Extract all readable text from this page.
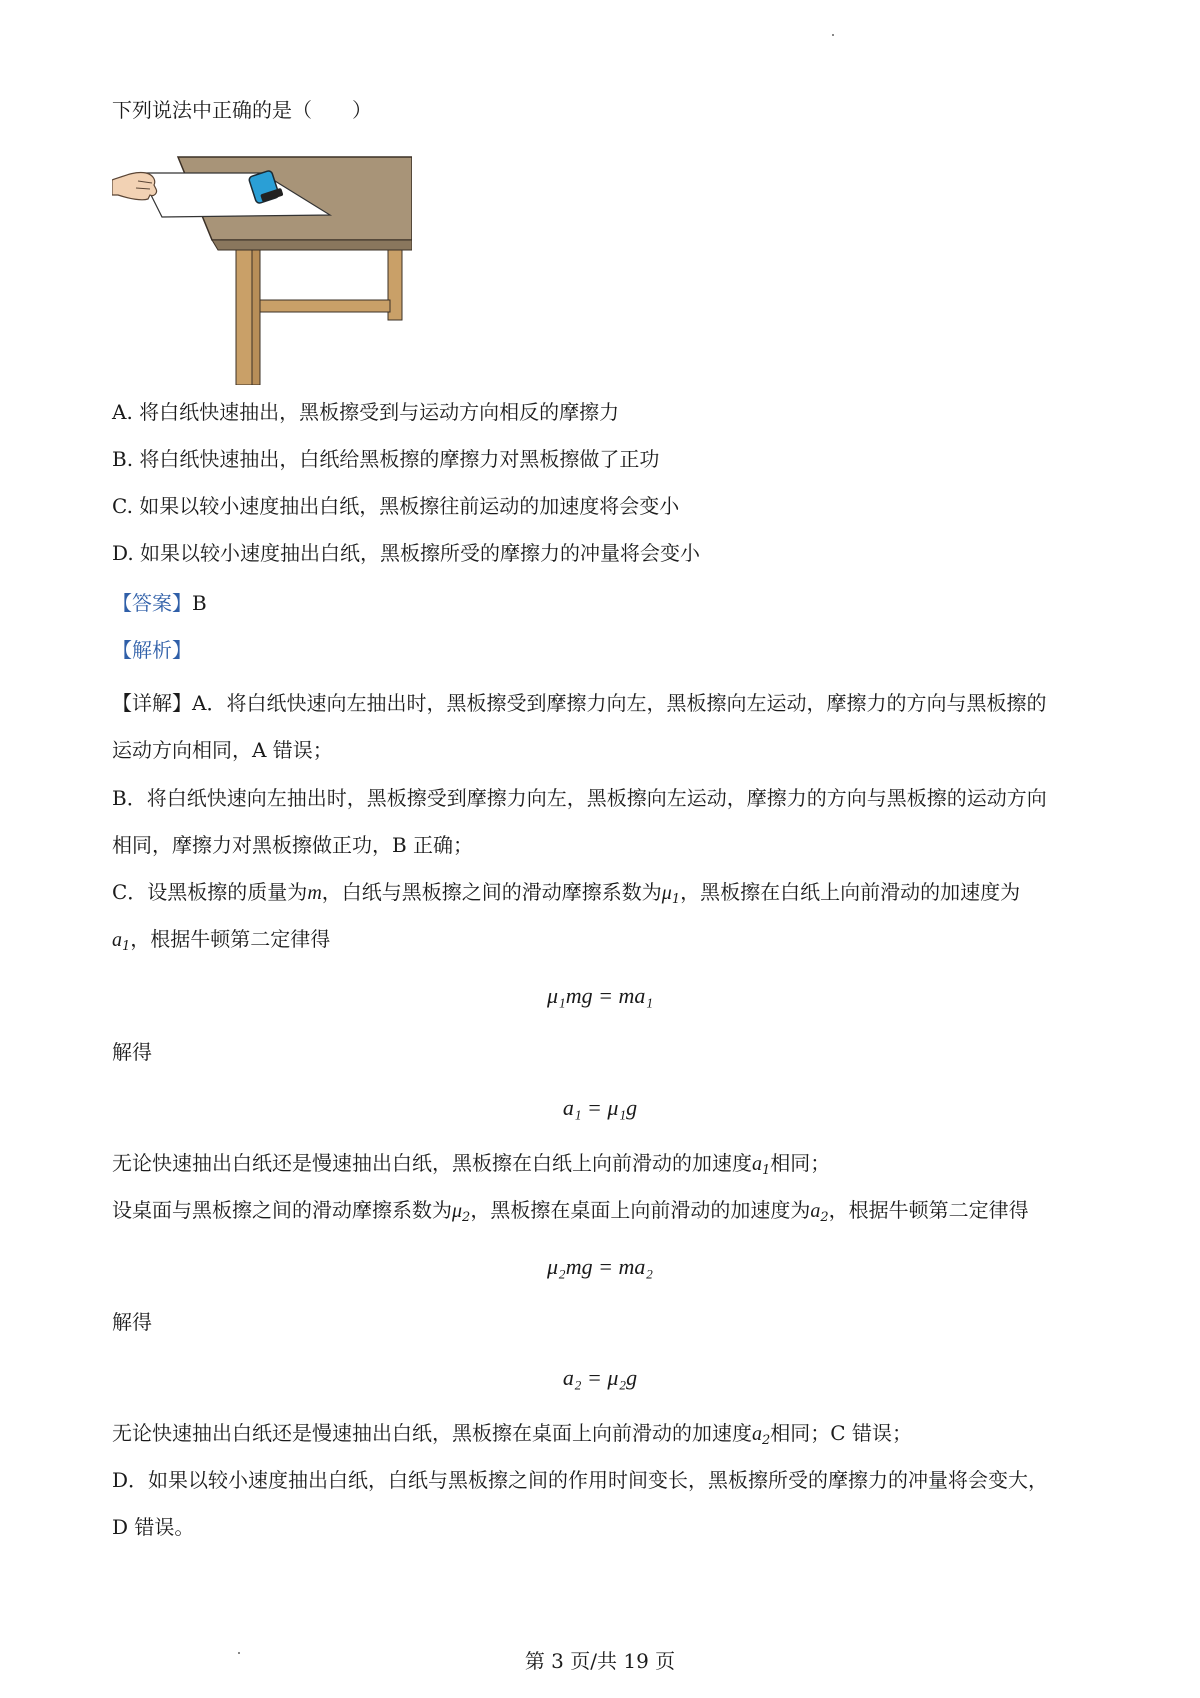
下列说法中正确的是（　　）
A. 将白纸快速抽出，黑板擦受到与运动方向相反的摩擦力
B. 将白纸快速抽出，白纸给黑板擦的摩擦力对黑板擦做了正功
C. 如果以较小速度抽出白纸，黑板擦往前运动的加速度将会变小
D. 如果以较小速度抽出白纸，黑板擦所受的摩擦力的冲量将会变小
【答案】B
【解析】
【详解】A．将白纸快速向左抽出时，黑板擦受到摩擦力向左，黑板擦向左运动，摩擦力的方向与黑板擦的
运动方向相同，A 错误；
B．将白纸快速向左抽出时，黑板擦受到摩擦力向左，黑板擦向左运动，摩擦力的方向与黑板擦的运动方向
相同，摩擦力对黑板擦做正功，B 正确；
C．设黑板擦的质量为m，白纸与黑板擦之间的滑动摩擦系数为$\mu_1$，黑板擦在白纸上向前滑动的加速度为
$a_1$，根据牛顿第二定律得
μ₁mg = ma₁
解得
a₁ = μ₁g
无论快速抽出白纸还是慢速抽出白纸，黑板擦在白纸上向前滑动的加速度$a_1$相同；
设桌面与黑板擦之间的滑动摩擦系数为$\mu_2$，黑板擦在桌面上向前滑动的加速度为$a_2$，根据牛顿第二定律得
μ₂mg = ma₂
解得
a₂ = μ₂g
无论快速抽出白纸还是慢速抽出白纸，黑板擦在桌面上向前滑动的加速度$a_2$相同；C 错误；
D．如果以较小速度抽出白纸，白纸与黑板擦之间的作用时间变长，黑板擦所受的摩擦力的冲量将会变大，
D 错误。
第 3 页/共 19 页
